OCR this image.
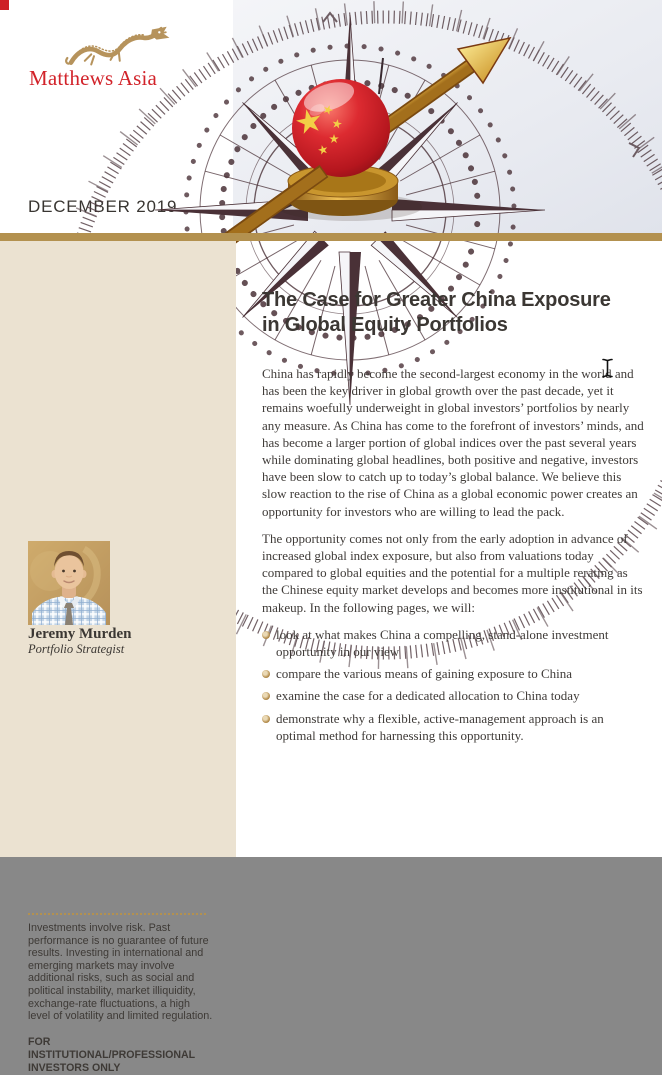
Matthews Asia
DECEMBER 2019
Jeremy Murden
Portfolio Strategist
Investments involve risk. Past performance is no guarantee of future results. Investing in international and emerging markets may involve additional risks, such as social and political instability, market illiquidity, exchange-rate fluctuations, a high level of volatility and limited regulation.
FOR INSTITUTIONAL/PROFESSIONAL INVESTORS ONLY
The Case for Greater China Exposure
in Global Equity Portfolios

China has rapidly become the second-largest economy in the world and has been the key driver in global growth over the past decade, yet it remains woefully underweight in global investors’ portfolios by nearly any measure. As China has come to the forefront of investors’ minds, and has become a larger portion of global indices over the past several years while dominating global headlines, both positive and negative, investors have been slow to catch up to today’s global balance. We believe this slow reaction to the rise of China as a global economic power creates an opportunity for investors who are willing to lead the pack.

The opportunity comes not only from the early adoption in advance of increased global index exposure, but also from valuations today compared to global equities and the potential for a multiple rerating as the Chinese equity market develops and becomes more institutional in its makeup. In the following pages, we will:

look at what makes China a compelling, stand-alone investment opportunity in our view
compare the various means of gaining exposure to China
examine the case for a dedicated allocation to China today
demonstrate why a flexible, active-management approach is an optimal method for harnessing this opportunity.
